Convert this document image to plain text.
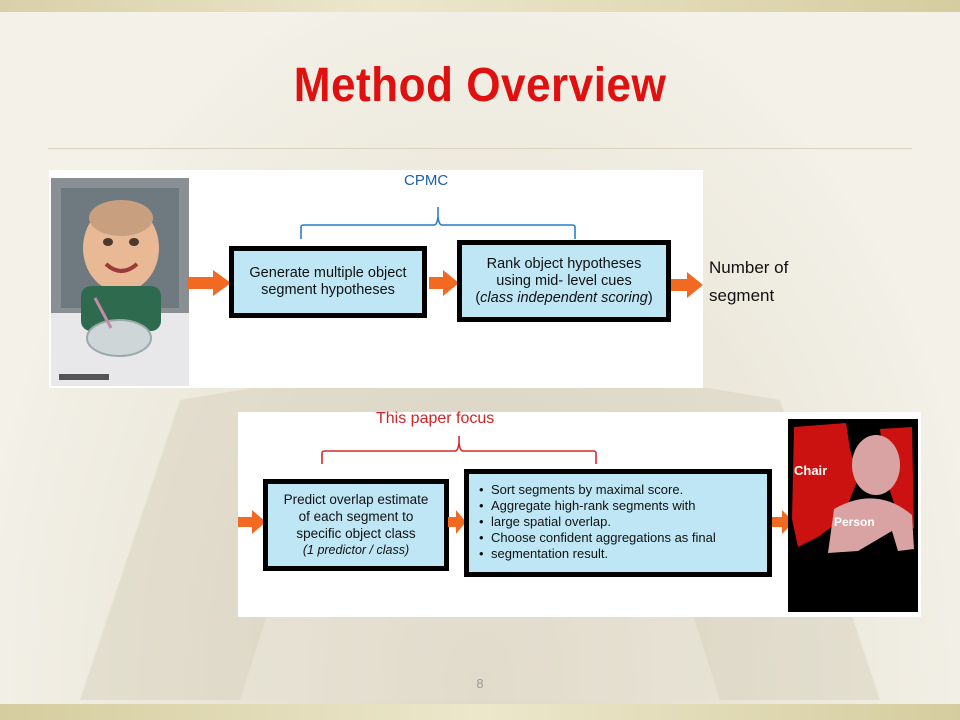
Method Overview
Generate multiple object
segment hypotheses
Rank object hypotheses
using mid- level cues
(class independent scoring)
CPMC
Number of
segment
Predict overlap estimate
of each segment to
specific object class
(1 predictor / class)
• Sort segments by maximal score.
• Aggregate high-rank segments with
• large spatial overlap.
• Choose confident aggregations as final
• segmentation result.
Chair
Person
This paper focus
8
